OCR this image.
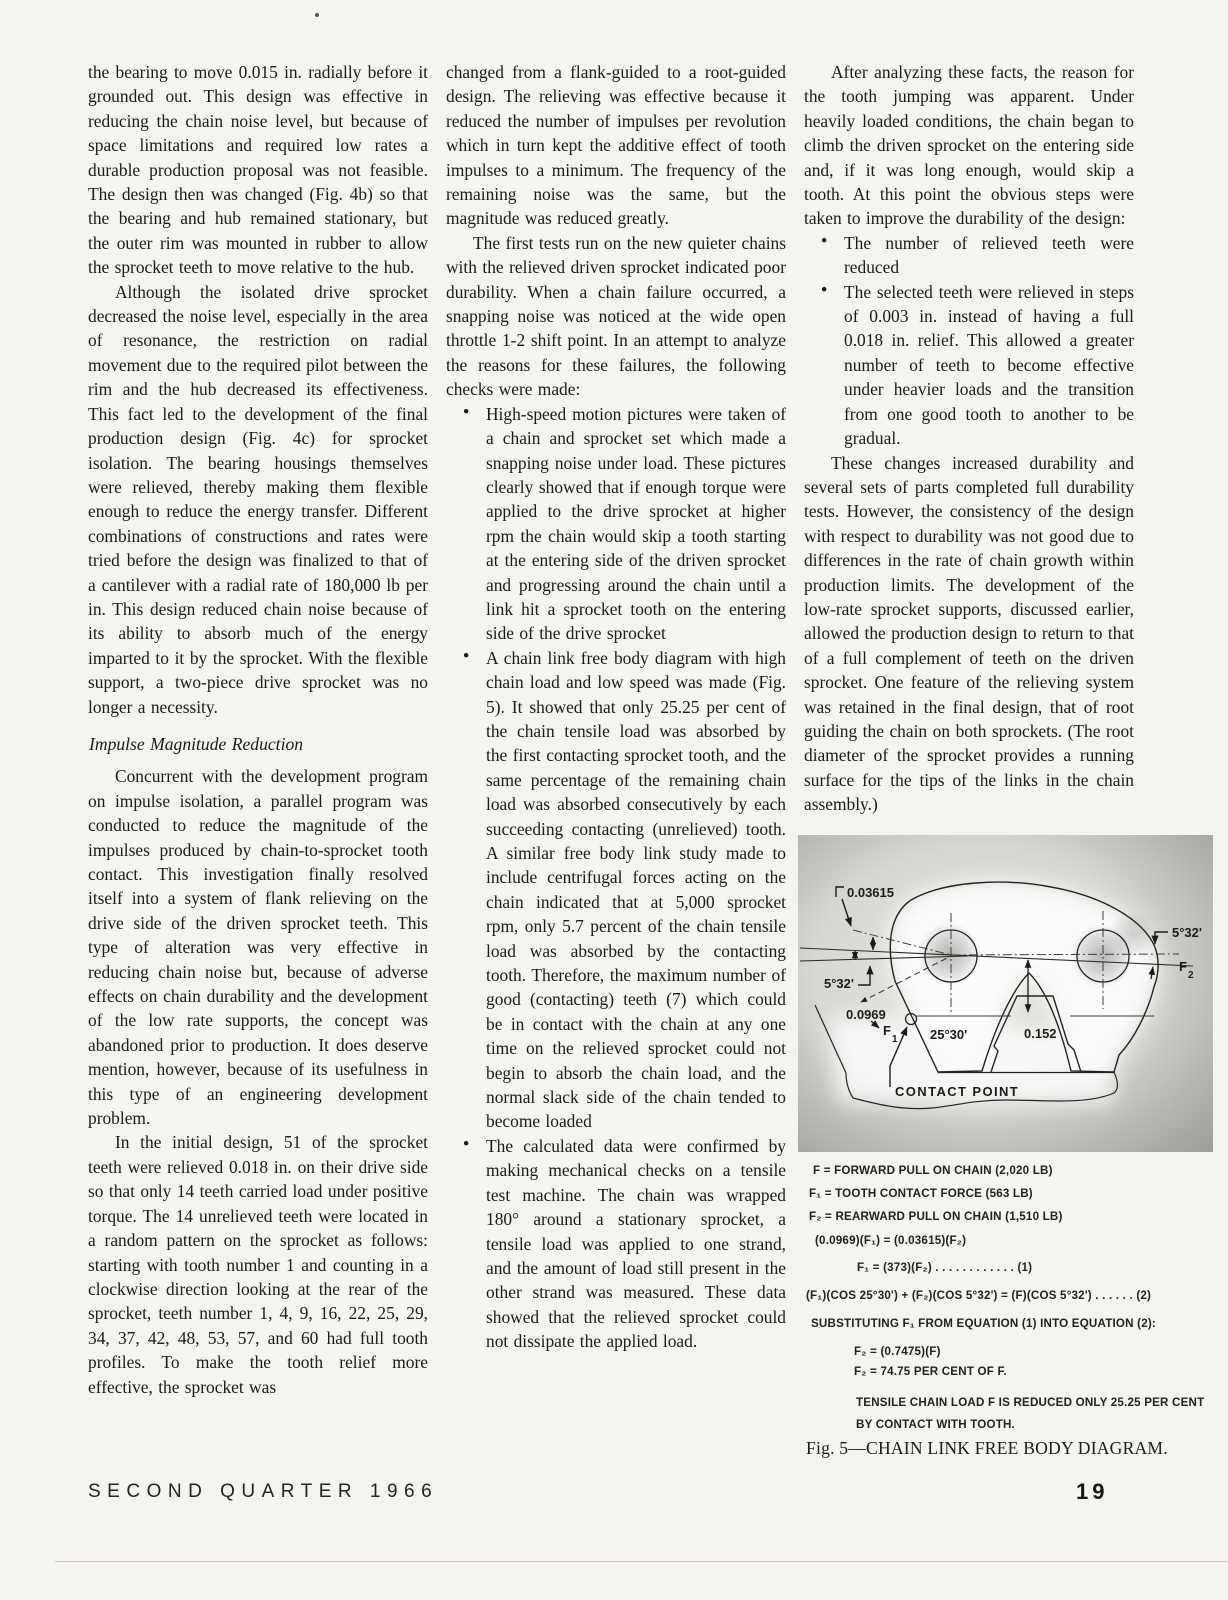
the bearing to move 0.015 in. radially before it grounded out. This design was effective in reducing the chain noise level, but because of space limitations and required low rates a durable production proposal was not feasible. The design then was changed (Fig. 4b) so that the bearing and hub remained stationary, but the outer rim was mounted in rubber to allow the sprocket teeth to move relative to the hub.

Although the isolated drive sprocket decreased the noise level, especially in the area of resonance, the restriction on radial movement due to the required pilot between the rim and the hub decreased its effectiveness. This fact led to the development of the final production design (Fig. 4c) for sprocket isolation. The bearing housings themselves were relieved, thereby making them flexible enough to reduce the energy transfer. Different combinations of constructions and rates were tried before the design was finalized to that of a cantilever with a radial rate of 180,000 lb per in. This design reduced chain noise because of its ability to absorb much of the energy imparted to it by the sprocket. With the flexible support, a two-piece drive sprocket was no longer a necessity.

Impulse Magnitude Reduction

Concurrent with the development program on impulse isolation, a parallel program was conducted to reduce the magnitude of the impulses produced by chain-to-sprocket tooth contact. This investigation finally resolved itself into a system of flank relieving on the drive side of the driven sprocket teeth. This type of alteration was very effective in reducing chain noise but, because of adverse effects on chain durability and the development of the low rate supports, the concept was abandoned prior to production. It does deserve mention, however, because of its usefulness in this type of an engineering development problem.

In the initial design, 51 of the sprocket teeth were relieved 0.018 in. on their drive side so that only 14 teeth carried load under positive torque. The 14 unrelieved teeth were located in a random pattern on the sprocket as follows: starting with tooth number 1 and counting in a clockwise direction looking at the rear of the sprocket, teeth number 1, 4, 9, 16, 22, 25, 29, 34, 37, 42, 48, 53, 57, and 60 had full tooth profiles. To make the tooth relief more effective, the sprocket was

changed from a flank-guided to a root-guided design. The relieving was effective because it reduced the number of impulses per revolution which in turn kept the additive effect of tooth impulses to a minimum. The frequency of the remaining noise was the same, but the magnitude was reduced greatly.

The first tests run on the new quieter chains with the relieved driven sprocket indicated poor durability. When a chain failure occurred, a snapping noise was noticed at the wide open throttle 1-2 shift point. In an attempt to analyze the reasons for these failures, the following checks were made:

● High-speed motion pictures were taken of a chain and sprocket set which made a snapping noise under load. These pictures clearly showed that if enough torque were applied to the drive sprocket at higher rpm the chain would skip a tooth starting at the entering side of the driven sprocket and progressing around the chain until a link hit a sprocket tooth on the entering side of the drive sprocket
● A chain link free body diagram with high chain load and low speed was made (Fig. 5). It showed that only 25.25 per cent of the chain tensile load was absorbed by the first contacting sprocket tooth, and the same percentage of the remaining chain load was absorbed consecutively by each succeeding contacting (unrelieved) tooth. A similar free body link study made to include centrifugal forces acting on the chain indicated that at 5,000 sprocket rpm, only 5.7 percent of the chain tensile load was absorbed by the contacting tooth. Therefore, the maximum number of good (contacting) teeth (7) which could be in contact with the chain at any one time on the relieved sprocket could not begin to absorb the chain load, and the normal slack side of the chain tended to become loaded
● The calculated data were confirmed by making mechanical checks on a tensile test machine. The chain was wrapped 180° around a stationary sprocket, a tensile load was applied to one strand, and the amount of load still present in the other strand was measured. These data showed that the relieved sprocket could not dissipate the applied load.

After analyzing these facts, the reason for the tooth jumping was apparent. Under heavily loaded conditions, the chain began to climb the driven sprocket on the entering side and, if it was long enough, would skip a tooth. At this point the obvious steps were taken to improve the durability of the design:

● The number of relieved teeth were reduced
● The selected teeth were relieved in steps of 0.003 in. instead of having a full 0.018 in. relief. This allowed a greater number of teeth to become effective under heavier loads and the transition from one good tooth to another to be gradual.

These changes increased durability and several sets of parts completed full durability tests. However, the consistency of the design with respect to durability was not good due to differences in the rate of chain growth within production limits. The development of the low-rate sprocket supports, discussed earlier, allowed the production design to return to that of a full complement of teeth on the driven sprocket. One feature of the relieving system was retained in the final design, that of root guiding the chain on both sprockets. (The root diameter of the sprocket provides a running surface for the tips of the links in the chain assembly.)

0.03615
5°32'
0.0969
F
1 25°30'	0.152
CONTACT POINT
5°32'
F
2
F = FORWARD PULL ON CHAIN (2,020 LB)
F₁ = TOOTH CONTACT FORCE (563 LB)
F₂ = REARWARD PULL ON CHAIN (1,510 LB)
(0.0969)(F₁) = (0.03615)(F₂)
F₁ = (373)(F₂) . . . . . . . . . . . . (1)
(F₁)(COS 25°30') + (F₂)(COS 5°32') = (F)(COS 5°32') . . . . . . (2)
SUBSTITUTING F₁ FROM EQUATION (1) INTO EQUATION (2):
F₂ = (0.7475)(F)
F₂ = 74.75 PER CENT OF F.
TENSILE CHAIN LOAD F IS REDUCED ONLY 25.25 PER CENT BY CONTACT WITH TOOTH.
Fig. 5—CHAIN LINK FREE BODY DIAGRAM.
SECOND QUARTER 1966	19
